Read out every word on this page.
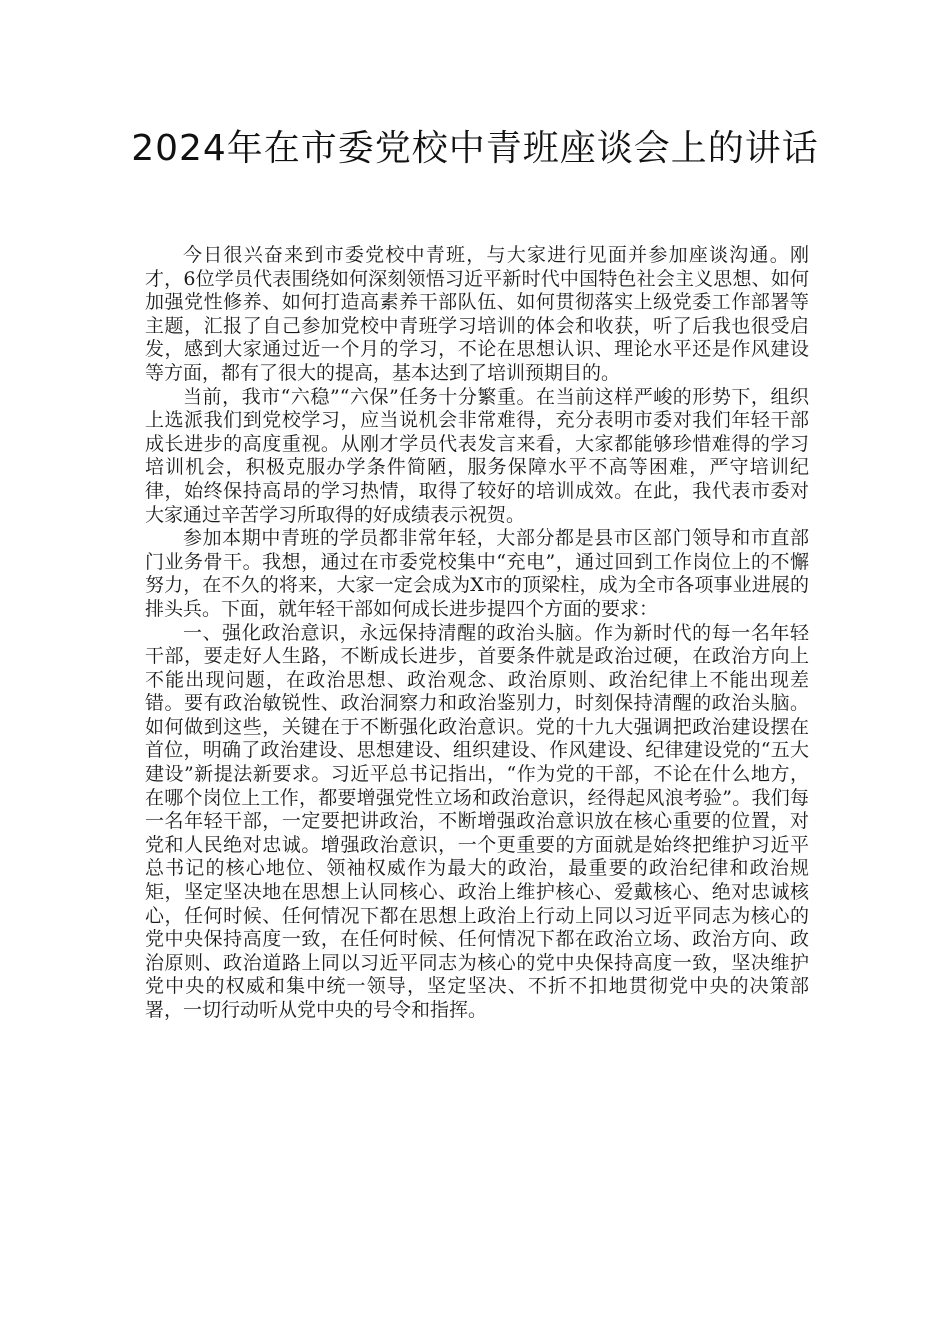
2024年在市委党校中青班座谈会上的讲话

今日很兴奋来到市委党校中青班，与大家进行见面并参加座谈沟通。刚才，6位学员代表围绕如何深刻领悟习近平新时代中国特色社会主义思想、如何加强党性修养、如何打造高素养干部队伍、如何贯彻落实上级党委工作部署等主题，汇报了自己参加党校中青班学习培训的体会和收获，听了后我也很受启发，感到大家通过近一个月的学习，不论在思想认识、理论水平还是作风建设等方面，都有了很大的提高，基本达到了培训预期目的。

当前，我市“六稳”“六保”任务十分繁重。在当前这样严峻的形势下，组织上选派我们到党校学习，应当说机会非常难得，充分表明市委对我们年轻干部成长进步的高度重视。从刚才学员代表发言来看，大家都能够珍惜难得的学习培训机会，积极克服办学条件简陋，服务保障水平不高等困难，严守培训纪律，始终保持高昂的学习热情，取得了较好的培训成效。在此，我代表市委对大家通过辛苦学习所取得的好成绩表示祝贺。

参加本期中青班的学员都非常年轻，大部分都是县市区部门领导和市直部门业务骨干。我想，通过在市委党校集中“充电”，通过回到工作岗位上的不懈努力，在不久的将来，大家一定会成为X市的顶梁柱，成为全市各项事业进展的排头兵。下面，就年轻干部如何成长进步提四个方面的要求：

一、强化政治意识，永远保持清醒的政治头脑。作为新时代的每一名年轻干部，要走好人生路，不断成长进步，首要条件就是政治过硬，在政治方向上不能出现问题，在政治思想、政治观念、政治原则、政治纪律上不能出现差错。要有政治敏锐性、政治洞察力和政治鉴别力，时刻保持清醒的政治头脑。如何做到这些，关键在于不断强化政治意识。党的十九大强调把政治建设摆在首位，明确了政治建设、思想建设、组织建设、作风建设、纪律建设党的“五大建设”新提法新要求。习近平总书记指出，“作为党的干部，不论在什么地方，在哪个岗位上工作，都要增强党性立场和政治意识，经得起风浪考验”。我们每一名年轻干部，一定要把讲政治，不断增强政治意识放在核心重要的位置，对党和人民绝对忠诚。增强政治意识，一个更重要的方面就是始终把维护习近平总书记的核心地位、领袖权威作为最大的政治，最重要的政治纪律和政治规矩，坚定坚决地在思想上认同核心、政治上维护核心、爱戴核心、绝对忠诚核心，任何时候、任何情况下都在思想上政治上行动上同以习近平同志为核心的党中央保持高度一致，在任何时候、任何情况下都在政治立场、政治方向、政治原则、政治道路上同以习近平同志为核心的党中央保持高度一致，坚决维护党中央的权威和集中统一领导，坚定坚决、不折不扣地贯彻党中央的决策部署，一切行动听从党中央的号令和指挥。
